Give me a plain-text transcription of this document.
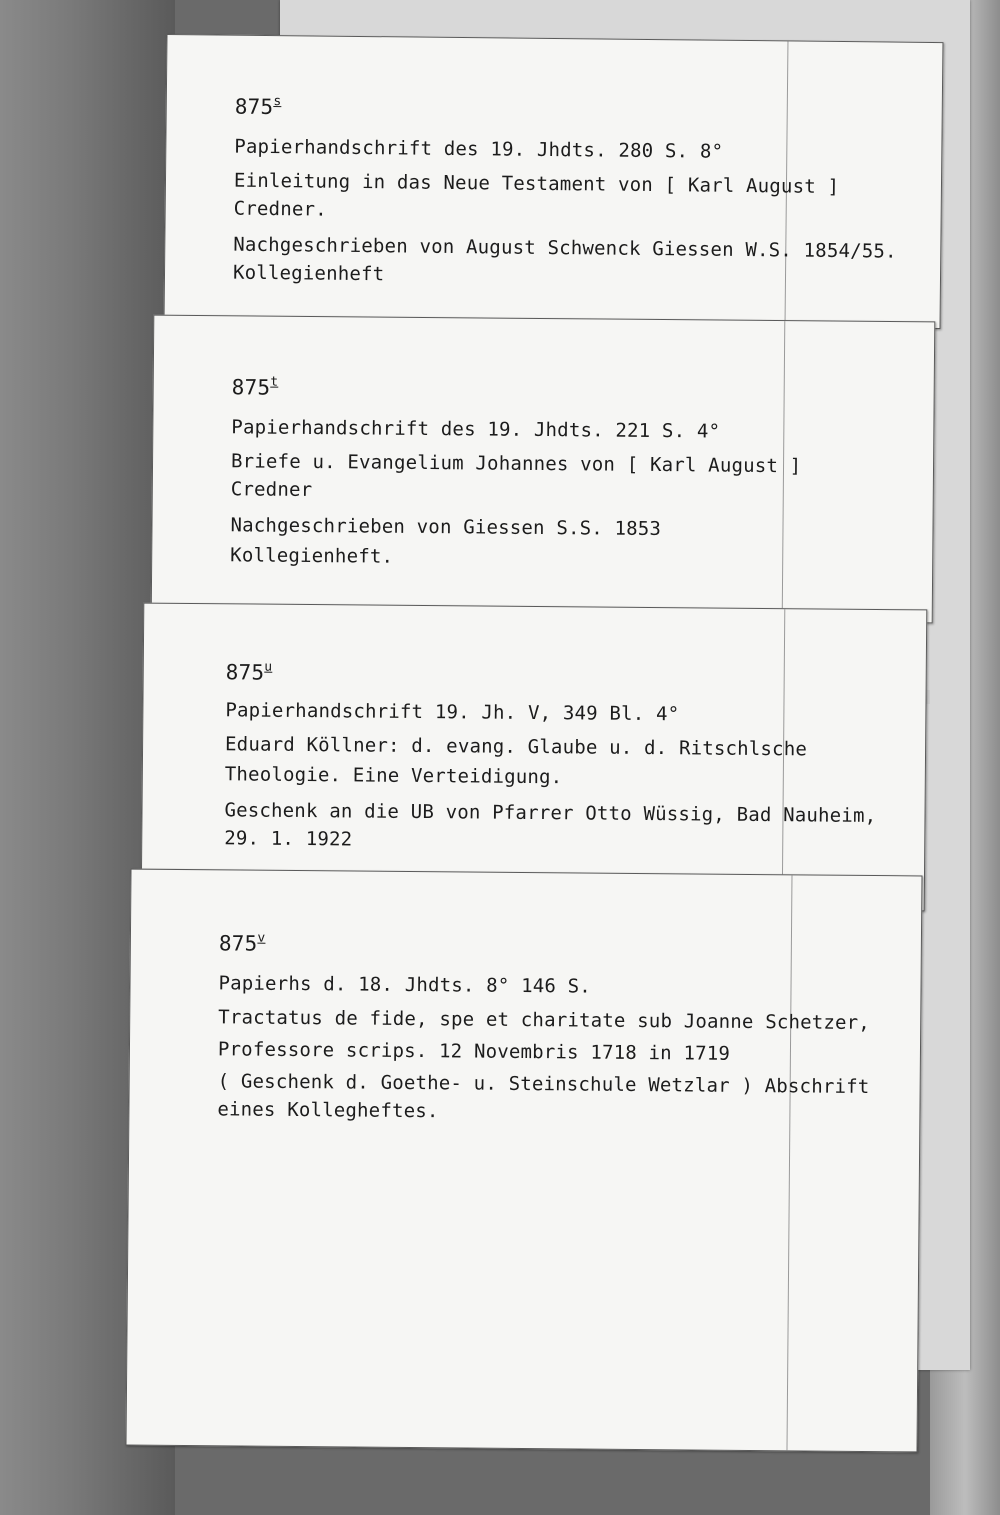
875$^s$
Papierhandschrift des 19. Jhdts. 280 S. 8°
Einleitung in das Neue Testament von [ Karl August ]
Credner.
Nachgeschrieben von August Schwenck Giessen W.S. 1854/55.
Kollegienheft
875$^t$
Papierhandschrift des 19. Jhdts. 221 S. 4°
Briefe u. Evangelium Johannes von [ Karl August ]
Credner
Nachgeschrieben von Giessen S.S. 1853
Kollegienheft.
875$^u$
Papierhandschrift 19. Jh. V, 349 Bl. 4°
Eduard Köllner: d. evang. Glaube u. d. Ritschlsche
Theologie. Eine Verteidigung.
Geschenk an die UB von Pfarrer Otto Wüssig, Bad Nauheim,
29. 1. 1922
875$^v$
Papierhs d. 18. Jhdts. 8° 146 S.
Tractatus de fide, spe et charitate sub Joanne Schetzer,
Professore scrips. 12 Novembris 1718 in 1719
( Geschenk d. Goethe- u. Steinschule Wetzlar ) Abschrift
eines Kollegheftes.
